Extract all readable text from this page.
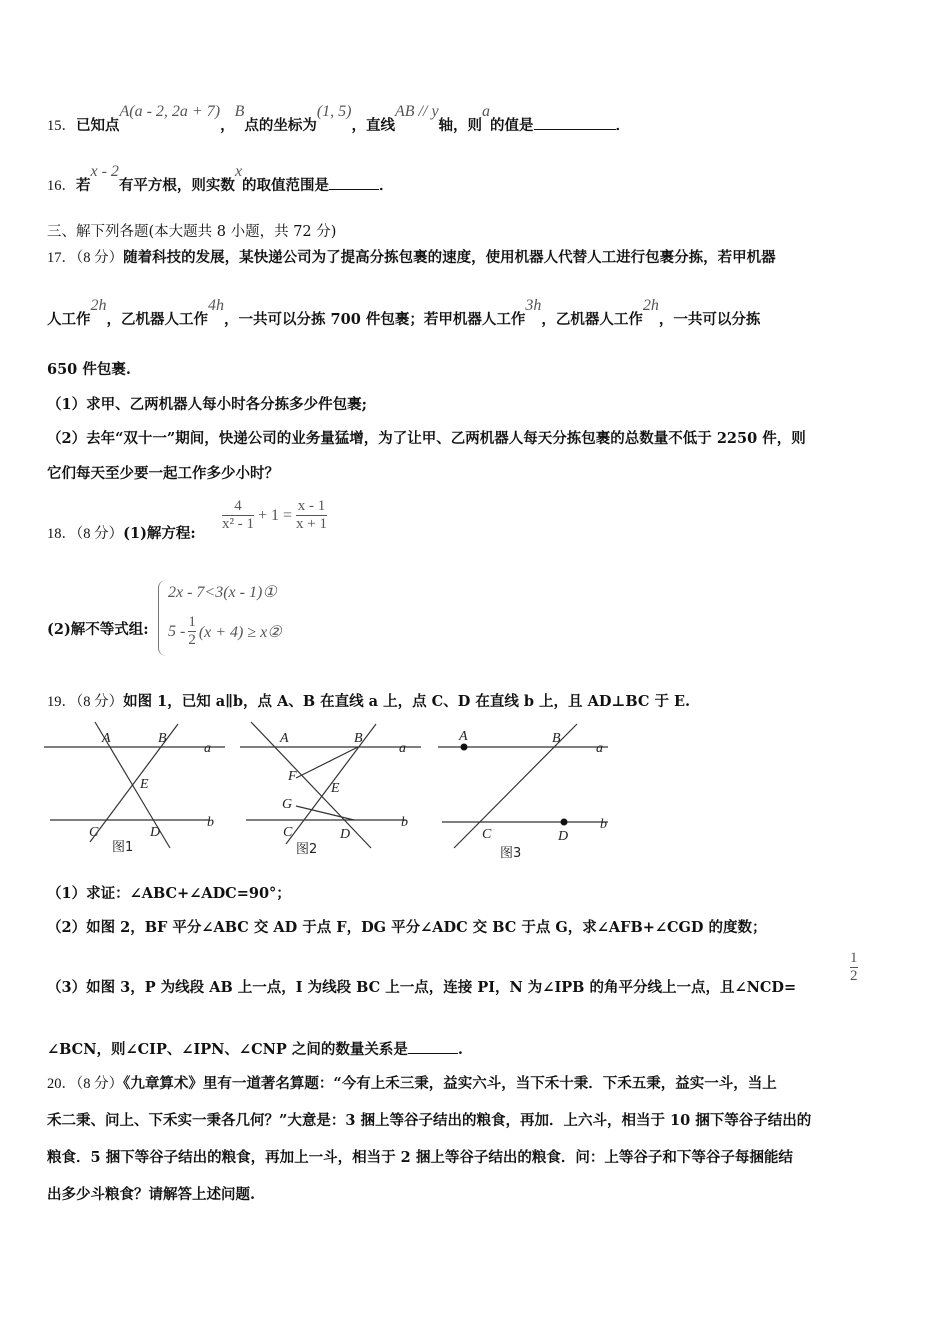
15．已知点A(a - 2, 2a + 7)，B点的坐标为(1, 5)，直线AB // y轴，则a的值是	．
16．若x - 2有平方根，则实数x的取值范围是	．
三、解下列各题(本大题共 8 小题，共 72 分)
17．（8 分）随着科技的发展，某快递公司为了提高分拣包裹的速度，使用机器人代替人工进行包裹分拣，若甲机器
人工作2h，乙机器人工作4h，一共可以分拣 700 件包裹；若甲机器人工作3h，乙机器人工作2h，一共可以分拣
650 件包裹.
（1）求甲、乙两机器人每小时各分拣多少件包裹;
（2）去年“双十一”期间，快递公司的业务量猛增，为了让甲、乙两机器人每天分拣包裹的总数量不低于 2250 件，则
它们每天至少要一起工作多少小时？
18．（8 分）(1)解方程:
$\frac{4}{\text{x² - 1}} + 1 = \frac{x - 1}{x + 1}$
(2)解不等式组:
2x - 7<3(x - 1)①
$5 - \frac{1}{2} (x + 4)$ ≥ x②
19．（8 分）如图 1，已知 a∥b，点 A、B 在直线 a 上，点 C、D 在直线 b 上，且 AD⊥BC 于 E.
A	B
a
E
b
C	D
图1
A	B
a
F
E
G
b
C	D
图2
A	B
a
b
C	D
图3
（1）求证：∠ABC+∠ADC=90°；
（2）如图 2，BF 平分∠ABC 交 AD 于点 F，DG 平分∠ADC 交 BC 于点 G，求∠AFB+∠CGD 的度数；
（3）如图 3，P 为线段 AB 上一点，I 为线段 BC 上一点，连接 PI，N 为∠IPB 的角平分线上一点，且∠NCD=
1
2
∠BCN，则∠CIP、∠IPN、∠CNP 之间的数量关系是	.
20．（8 分）《九章算术》里有一道著名算题：“今有上禾三秉，益实六斗，当下禾十秉．下禾五秉，益实一斗，当上
禾二秉、问上、下禾实一秉各几何？”大意是：3 捆上等谷子结出的粮食，再加．上六斗，相当于 10 捆下等谷子结出的
粮食．5 捆下等谷子结出的粮食，再加上一斗，相当于 2 捆上等谷子结出的粮食．问：上等谷子和下等谷子每捆能结
出多少斗粮食？请解答上述问题.
